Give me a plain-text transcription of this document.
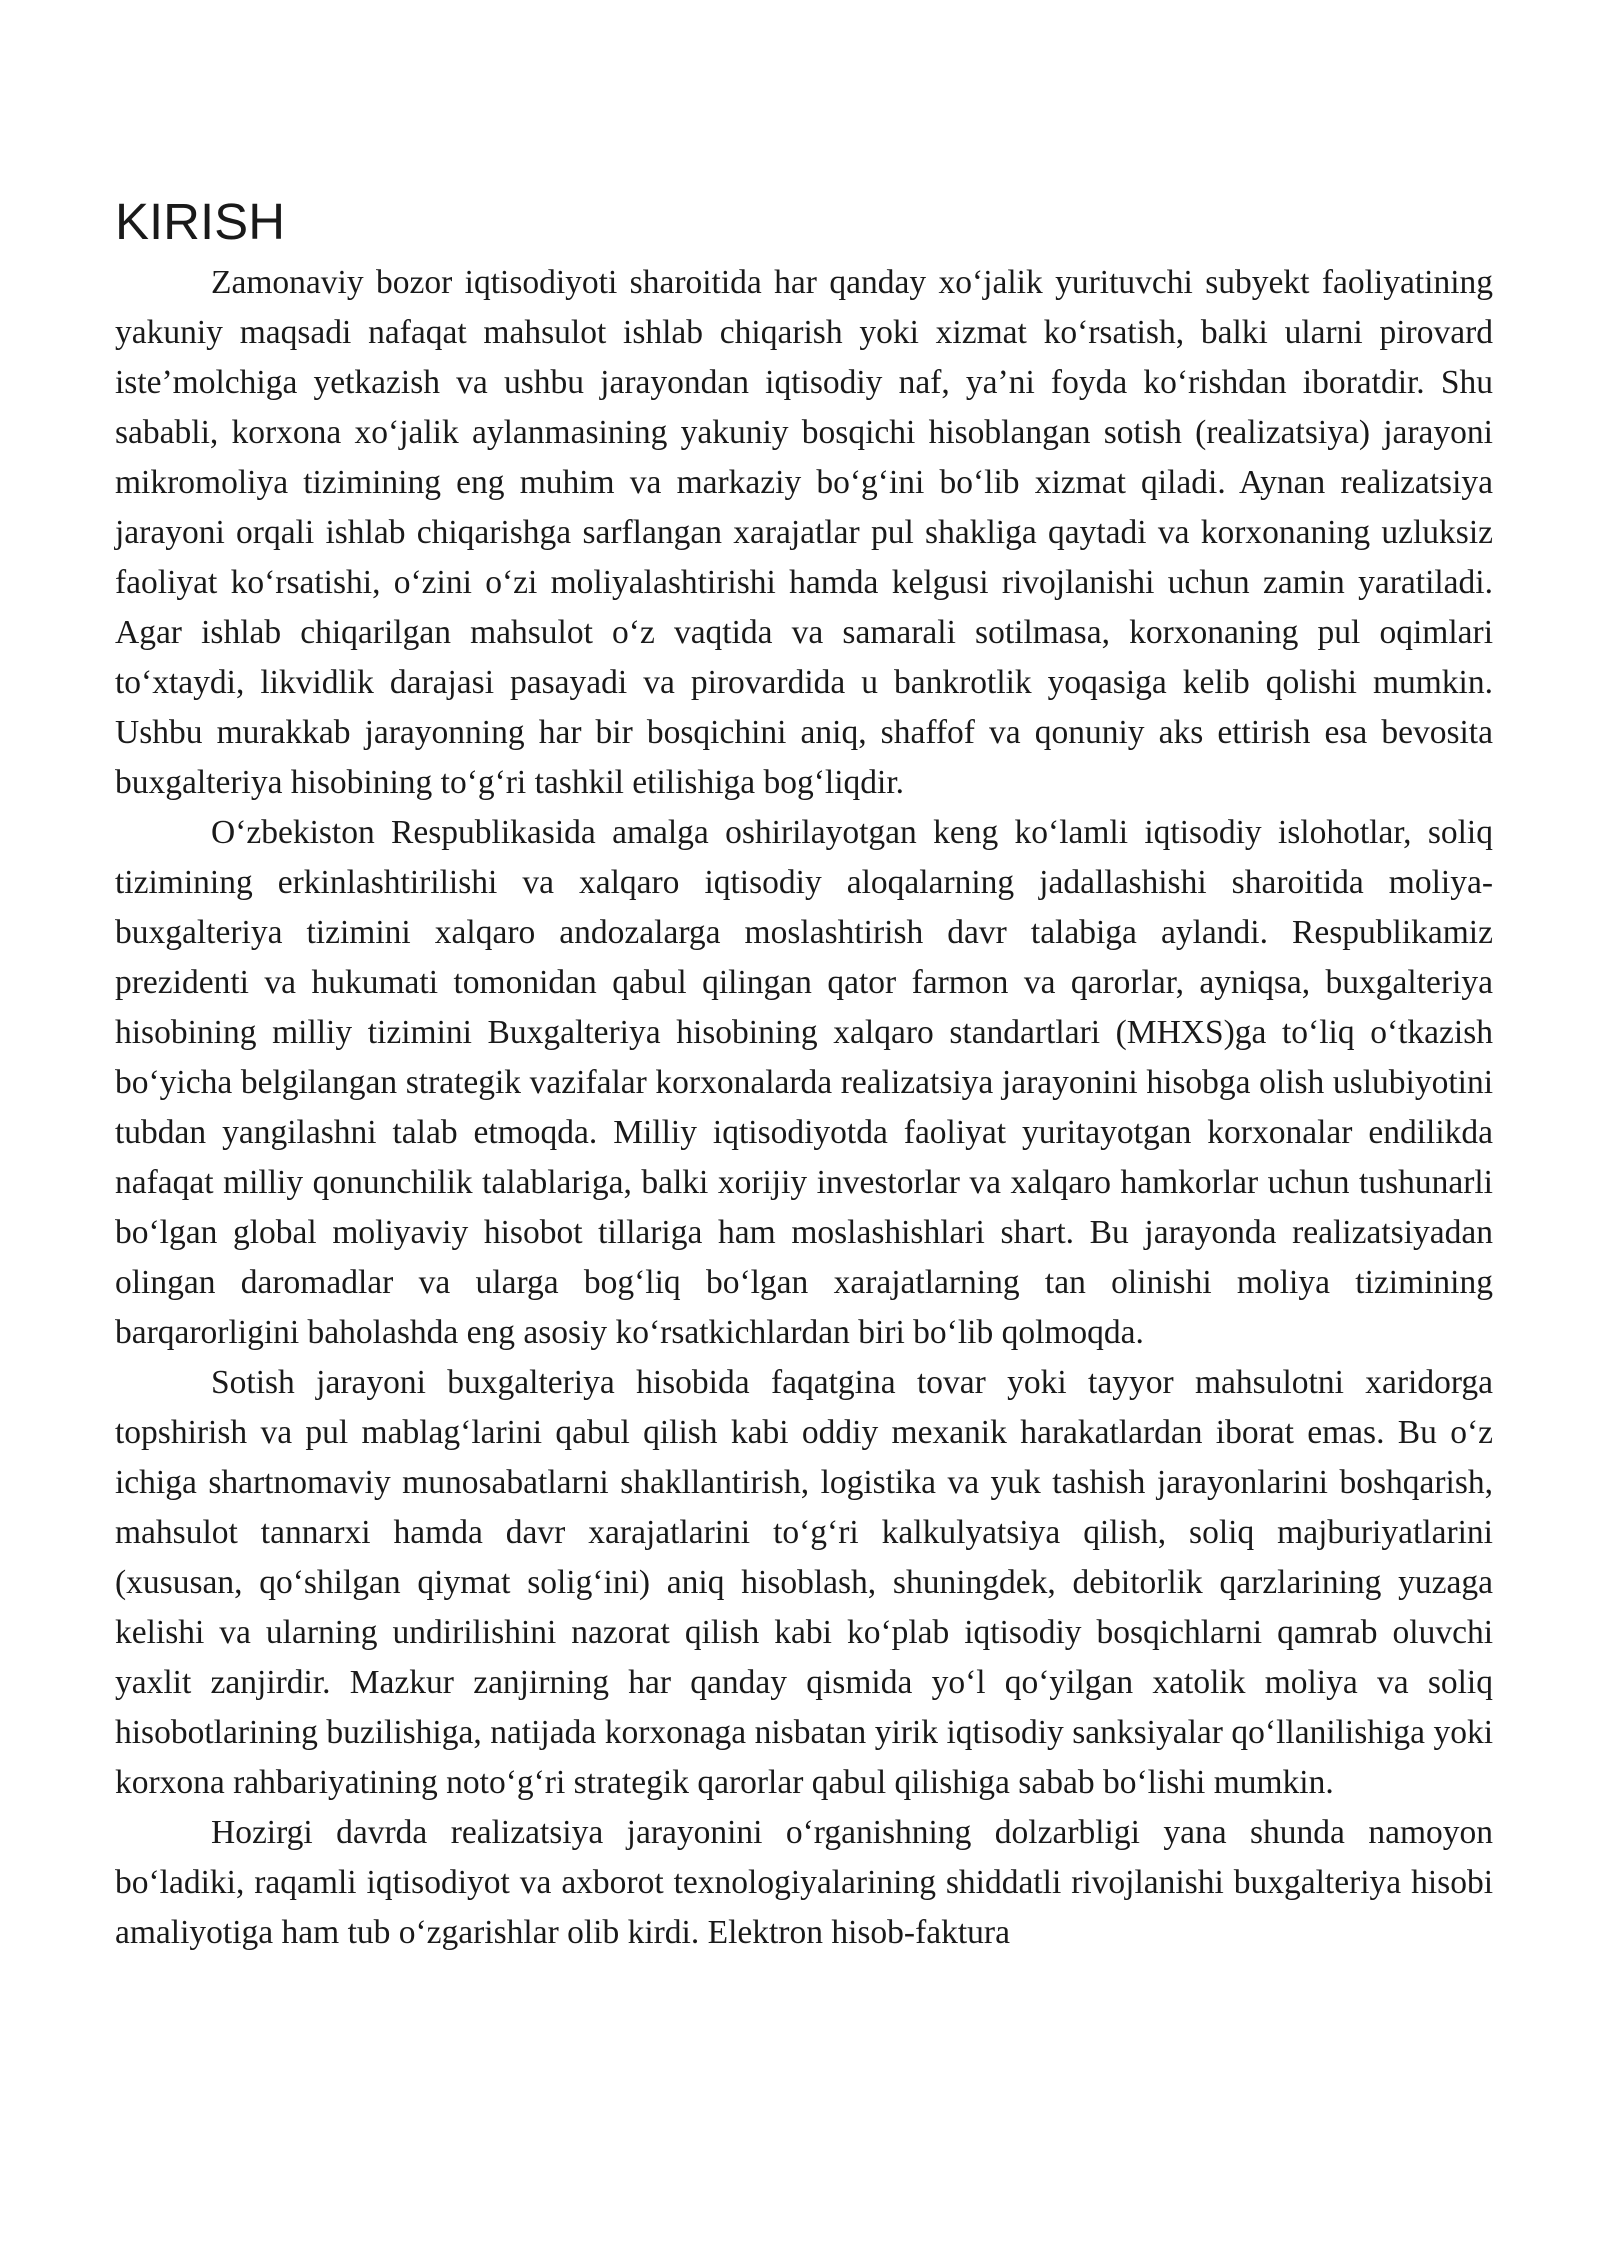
KIRISH

Zamonaviy bozor iqtisodiyoti sharoitida har qanday xoʻjalik yurituvchi subyekt faoliyatining yakuniy maqsadi nafaqat mahsulot ishlab chiqarish yoki xizmat koʻrsatish, balki ularni pirovard isteʼmolchiga yetkazish va ushbu jarayondan iqtisodiy naf, yaʼni foyda koʻrishdan iboratdir. Shu sababli, korxona xoʻjalik aylanmasining yakuniy bosqichi hisoblangan sotish (realizatsiya) jarayoni mikromoliya tizimining eng muhim va markaziy boʻgʻini boʻlib xizmat qiladi. Aynan realizatsiya jarayoni orqali ishlab chiqarishga sarflangan xarajatlar pul shakliga qaytadi va korxonaning uzluksiz faoliyat koʻrsatishi, oʻzini oʻzi moliyalashtirishi hamda kelgusi rivojlanishi uchun zamin yaratiladi. Agar ishlab chiqarilgan mahsulot oʻz vaqtida va samarali sotilmasa, korxonaning pul oqimlari toʻxtaydi, likvidlik darajasi pasayadi va pirovardida u bankrotlik yoqasiga kelib qolishi mumkin. Ushbu murakkab jarayonning har bir bosqichini aniq, shaffof va qonuniy aks ettirish esa bevosita buxgalteriya hisobining toʻgʻri tashkil etilishiga bogʻliqdir.

Oʻzbekiston Respublikasida amalga oshirilayotgan keng koʻlamli iqtisodiy islohotlar, soliq tizimining erkinlashtirilishi va xalqaro iqtisodiy aloqalarning jadallashishi sharoitida moliya-buxgalteriya tizimini xalqaro andozalarga moslashtirish davr talabiga aylandi. Respublikamiz prezidenti va hukumati tomonidan qabul qilingan qator farmon va qarorlar, ayniqsa, buxgalteriya hisobining milliy tizimini Buxgalteriya hisobining xalqaro standartlari (MHXS)ga toʻliq oʻtkazish boʻyicha belgilangan strategik vazifalar korxonalarda realizatsiya jarayonini hisobga olish uslubiyotini tubdan yangilashni talab etmoqda. Milliy iqtisodiyotda faoliyat yuritayotgan korxonalar endilikda nafaqat milliy qonunchilik talablariga, balki xorijiy investorlar va xalqaro hamkorlar uchun tushunarli boʻlgan global moliyaviy hisobot tillariga ham moslashishlari shart. Bu jarayonda realizatsiyadan olingan daromadlar va ularga bogʻliq boʻlgan xarajatlarning tan olinishi moliya tizimining barqarorligini baholashda eng asosiy koʻrsatkichlardan biri boʻlib qolmoqda.

Sotish jarayoni buxgalteriya hisobida faqatgina tovar yoki tayyor mahsulotni xaridorga topshirish va pul mablagʻlarini qabul qilish kabi oddiy mexanik harakatlardan iborat emas. Bu oʻz ichiga shartnomaviy munosabatlarni shakllantirish, logistika va yuk tashish jarayonlarini boshqarish, mahsulot tannarxi hamda davr xarajatlarini toʻgʻri kalkulyatsiya qilish, soliq majburiyatlarini (xususan, qoʻshilgan qiymat soligʻini) aniq hisoblash, shuningdek, debitorlik qarzlarining yuzaga kelishi va ularning undirilishini nazorat qilish kabi koʻplab iqtisodiy bosqichlarni qamrab oluvchi yaxlit zanjirdir. Mazkur zanjirning har qanday qismida yoʻl qoʻyilgan xatolik moliya va soliq hisobotlarining buzilishiga, natijada korxonaga nisbatan yirik iqtisodiy sanksiyalar qoʻllanilishiga yoki korxona rahbariyatining notoʻgʻri strategik qarorlar qabul qilishiga sabab boʻlishi mumkin.

Hozirgi davrda realizatsiya jarayonini oʻrganishning dolzarbligi yana shunda namoyon boʻladiki, raqamli iqtisodiyot va axborot texnologiyalarining shiddatli rivojlanishi buxgalteriya hisobi amaliyotiga ham tub oʻzgarishlar olib kirdi. Elektron hisob-faktura
